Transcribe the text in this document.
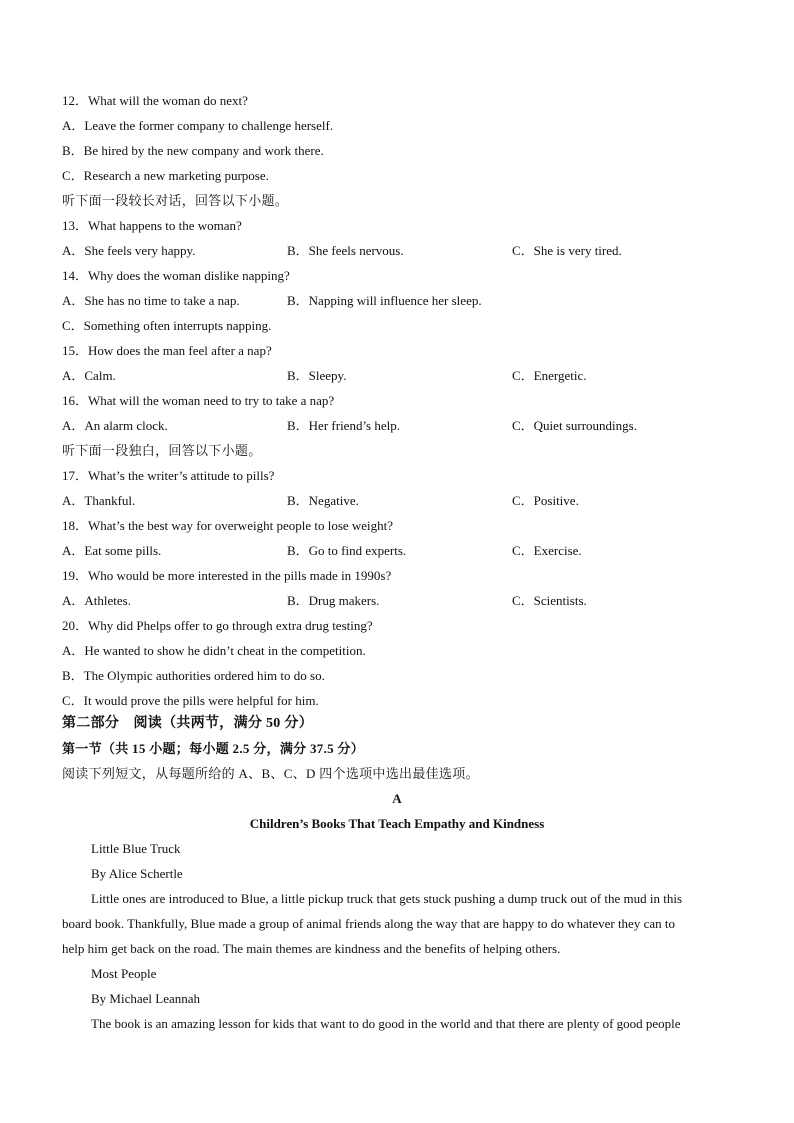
12．What will the woman do next?
A．Leave the former company to challenge herself.
B．Be hired by the new company and work there.
C．Research a new marketing purpose.
听下面一段较长对话，回答以下小题。
13．What happens to the woman?
A．She feels very happy.	B．She feels nervous.	C．She is very tired.
14．Why does the woman dislike napping?
A．She has no time to take a nap.	B．Napping will influence her sleep.
C．Something often interrupts napping.
15．How does the man feel after a nap?
A．Calm.	B．Sleepy.	C．Energetic.
16．What will the woman need to try to take a nap?
A．An alarm clock.	B．Her friend’s help.	C．Quiet surroundings.
听下面一段独白，回答以下小题。
17．What’s the writer’s attitude to pills?
A．Thankful.	B．Negative.	C．Positive.
18．What’s the best way for overweight people to lose weight?
A．Eat some pills.	B．Go to find experts.	C．Exercise.
19．Who would be more interested in the pills made in 1990s?
A．Athletes.	B．Drug makers.	C．Scientists.
20．Why did Phelps offer to go through extra drug testing?
A．He wanted to show he didn’t cheat in the competition.
B．The Olympic authorities ordered him to do so.
C．It would prove the pills were helpful for him.
第二部分　阅读（共两节，满分 50 分）
第一节（共 15 小题；每小题 2.5 分，满分 37.5 分）
阅读下列短文，从每题所给的 A、B、C、D 四个选项中选出最佳选项。
A
Children’s Books That Teach Empathy and Kindness
Little Blue Truck
By Alice Schertle
Little ones are introduced to Blue, a little pickup truck that gets stuck pushing a dump truck out of the mud in this
board book. Thankfully, Blue made a group of animal friends along the way that are happy to do whatever they can to
help him get back on the road. The main themes are kindness and the benefits of helping others.
Most People
By Michael Leannah
The book is an amazing lesson for kids that want to do good in the world and that there are plenty of good people
